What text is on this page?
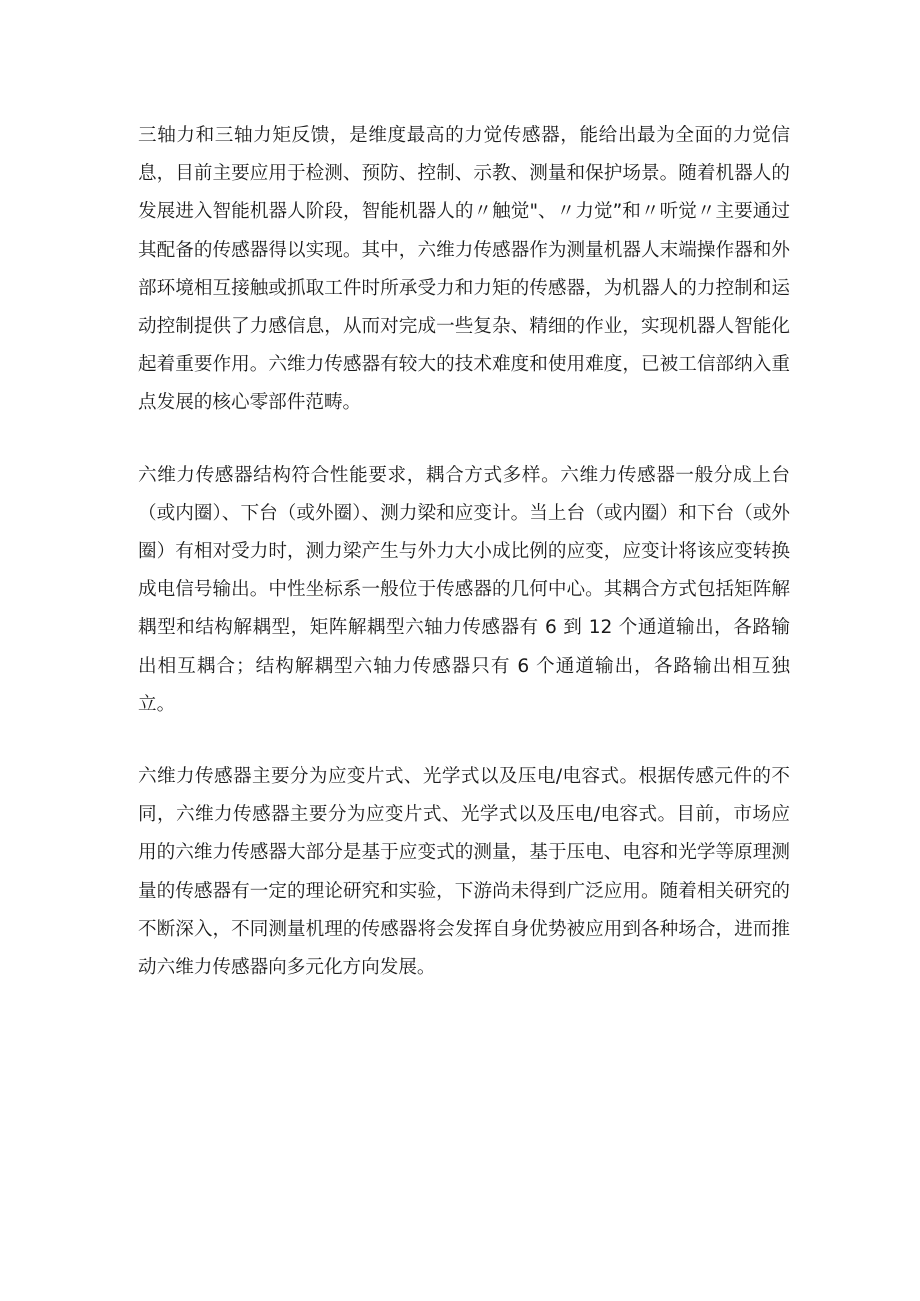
三轴力和三轴力矩反馈，是维度最高的力觉传感器，能给出最为全面的力觉信息，目前主要应用于检测、预防、控制、示教、测量和保护场景。随着机器人的发展进入智能机器人阶段，智能机器人的〃触觉"、〃力觉”和〃听觉〃主要通过其配备的传感器得以实现。其中，六维力传感器作为测量机器人末端操作器和外部环境相互接触或抓取工件时所承受力和力矩的传感器，为机器人的力控制和运动控制提供了力感信息，从而对完成一些复杂、精细的作业，实现机器人智能化起着重要作用。六维力传感器有较大的技术难度和使用难度，已被工信部纳入重点发展的核心零部件范畴。

六维力传感器结构符合性能要求，耦合方式多样。六维力传感器一般分成上台（或内圈）、下台（或外圈）、测力梁和应变计。当上台（或内圈）和下台（或外圈）有相对受力时，测力梁产生与外力大小成比例的应变，应变计将该应变转换成电信号输出。中性坐标系一般位于传感器的几何中心。其耦合方式包括矩阵解耦型和结构解耦型，矩阵解耦型六轴力传感器有 6 到 12 个通道输出，各路输出相互耦合；结构解耦型六轴力传感器只有 6 个通道输出，各路输出相互独立。

六维力传感器主要分为应变片式、光学式以及压电/电容式。根据传感元件的不同，六维力传感器主要分为应变片式、光学式以及压电/电容式。目前，市场应用的六维力传感器大部分是基于应变式的测量，基于压电、电容和光学等原理测量的传感器有一定的理论研究和实验，下游尚未得到广泛应用。随着相关研究的不断深入，不同测量机理的传感器将会发挥自身优势被应用到各种场合，进而推动六维力传感器向多元化方向发展。
